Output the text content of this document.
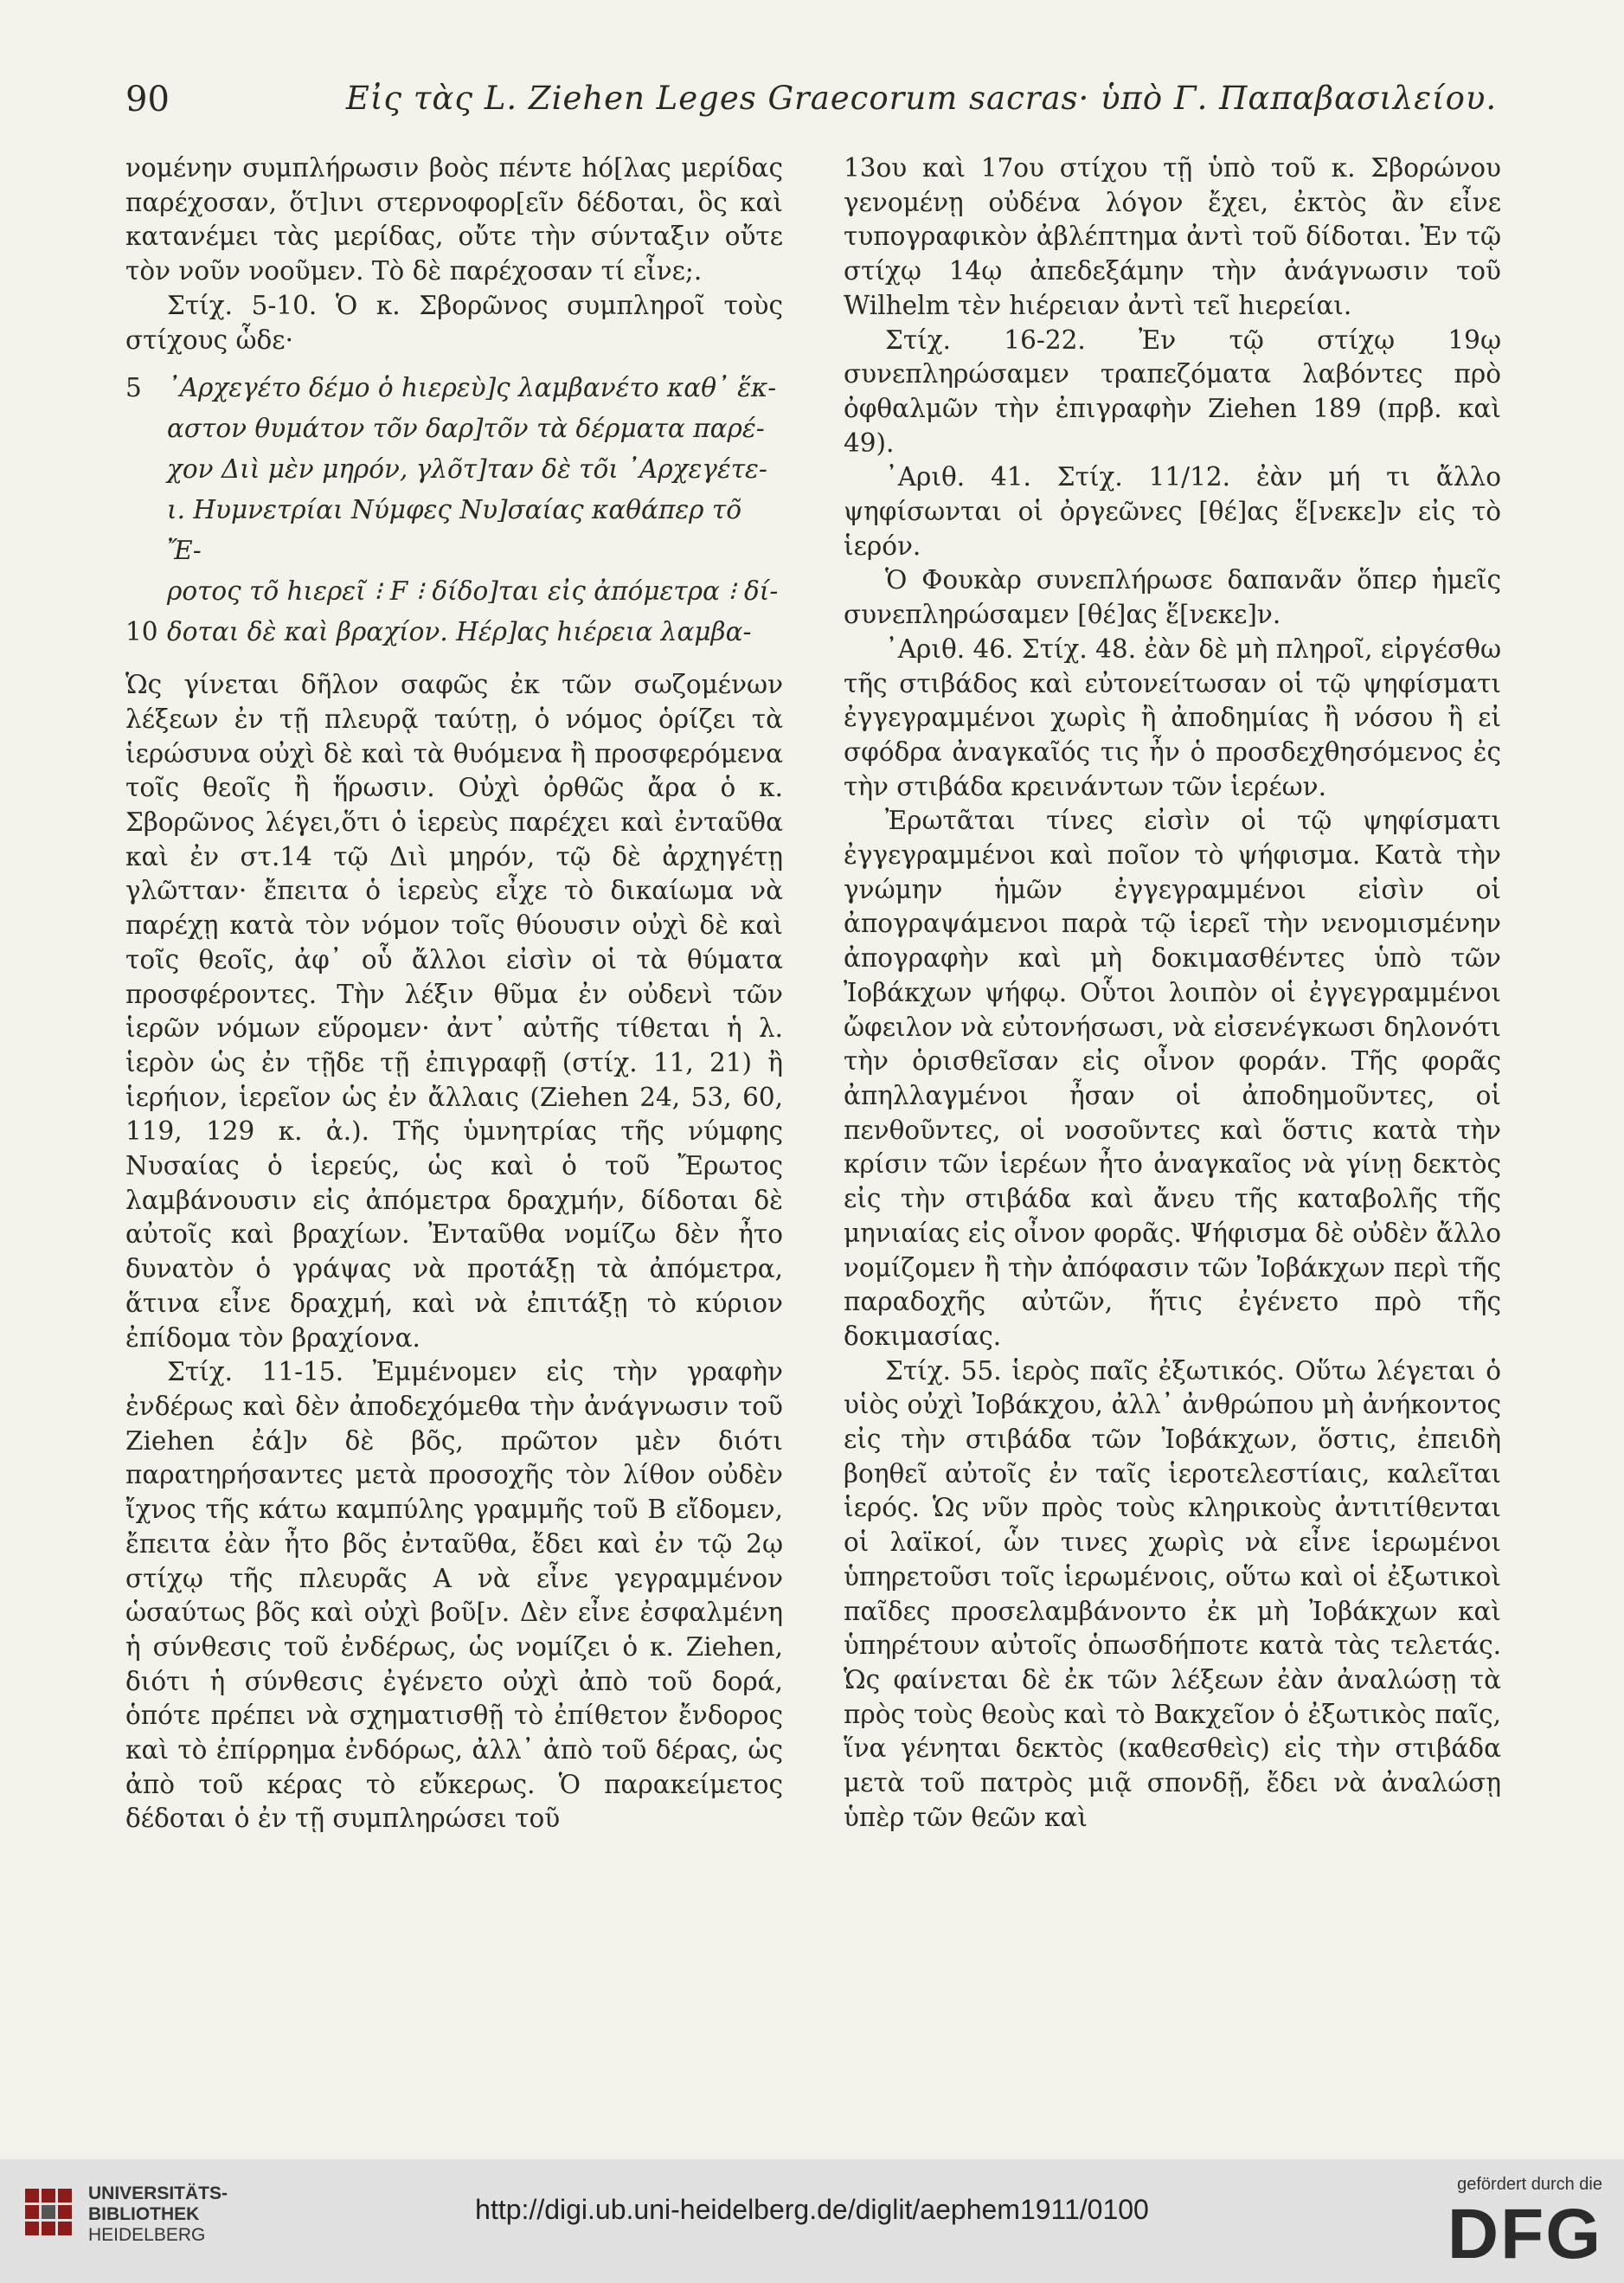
90	Εἰς τὰς L. Ziehen Leges Graecorum sacras· ὑπὸ Γ. Παπαβασιλείου.

νομένην συμπλήρωσιν βοὸς πέντε hό[λας μερίδας παρέχοσαν, ὅτ]ινι στερνοφορ[εῖν δέδοται, ὃς καὶ κατανέμει τὰς μερίδας, οὔτε τὴν σύνταξιν οὔτε τὸν νοῦν νοοῦμεν. Τὸ δὲ παρέχοσαν τί εἶνε;.

Στίχ. 5-10. Ὁ κ. Σβορῶνος συμπληροῖ τοὺς στίχους ὧδε·

5 ᾿Αρχεγέτο δέμο ὁ hιερεὺ]ς λαμβανέτο καθ᾿ ἕκ-
αστον θυμάτον τõν δαρ]τõν τὰ δέρματα παρέ-
χον Διὶ μὲν μηρόν, γλõτ]ταν δὲ τõι ᾿Αρχεγέτε-
ι. Ηυμνετρίαι Νύμφες Νυ]σαίας καθάπερ τõ Ἔ-
ροτος τõ hιερεῖ ⁝ F ⁝ δίδο]ται εἰς ἀπόμετρα ⁝ δί-
10 δοται δὲ καὶ βραχίον. Ηέρ]ας hιέρεια λαμβα-

Ὡς γίνεται δῆλον σαφῶς ἐκ τῶν σωζομένων λέξεων ἐν τῇ πλευρᾷ ταύτῃ, ὁ νόμος ὁρίζει τὰ ἱερώσυνα οὐχὶ δὲ καὶ τὰ θυόμενα ἢ προσφερόμενα τοῖς θεοῖς ἢ ἥρωσιν. Οὐχὶ ὀρθῶς ἄρα ὁ κ. Σβορῶνος λέγει,ὅτι ὁ ἱερεὺς παρέχει καὶ ἐνταῦθα καὶ ἐν στ.14 τῷ Διὶ μηρόν, τῷ δὲ ἀρχηγέτῃ γλῶτταν· ἔπειτα ὁ ἱερεὺς εἶχε τὸ δικαίωμα νὰ παρέχῃ κατὰ τὸν νόμον τοῖς θύουσιν οὐχὶ δὲ καὶ τοῖς θεοῖς, ἀφ᾿ οὗ ἄλλοι εἰσὶν οἱ τὰ θύματα προσφέροντες. Τὴν λέξιν θῦμα ἐν οὐδενὶ τῶν ἱερῶν νόμων εὕρομεν· ἀντ᾿ αὐτῆς τίθεται ἡ λ. ἱερὸν ὡς ἐν τῇδε τῇ ἐπιγραφῇ (στίχ. 11, 21) ἢ ἱερήιον, ἱερεῖον ὡς ἐν ἄλλαις (Ziehen 24, 53, 60, 119, 129 κ. ἀ.). Τῆς ὑμνητρίας τῆς νύμφης Νυσαίας ὁ ἱερεύς, ὡς καὶ ὁ τοῦ Ἔρωτος λαμβάνουσιν εἰς ἀπόμετρα δραχμήν, δίδοται δὲ αὐτοῖς καὶ βραχίων. Ἐνταῦθα νομίζω δὲν ἦτο δυνατὸν ὁ γράψας νὰ προτάξῃ τὰ ἀπόμετρα, ἅτινα εἶνε δραχμή, καὶ νὰ ἐπιτάξῃ τὸ κύριον ἐπίδομα τὸν βραχίονα.

Στίχ. 11-15. Ἐμμένομεν εἰς τὴν γραφὴν ἐνδέρως καὶ δὲν ἀποδεχόμεθα τὴν ἀνάγνωσιν τοῦ Ziehen ἐά]ν δὲ βõς, πρῶτον μὲν διότι παρατηρήσαντες μετὰ προσοχῆς τὸν λίθον οὐδὲν ἴχνος τῆς κάτω καμπύλης γραμμῆς τοῦ Β εἴδομεν, ἔπειτα ἐὰν ἦτο βõς ἐνταῦθα, ἔδει καὶ ἐν τῷ 2ῳ στίχῳ τῆς πλευρᾶς Α νὰ εἶνε γεγραμμένον ὡσαύτως βõς καὶ οὐχὶ βοῦ[ν. Δὲν εἶνε ἐσφαλμένη ἡ σύνθεσις τοῦ ἐνδέρως, ὡς νομίζει ὁ κ. Ziehen, διότι ἡ σύνθεσις ἐγένετο οὐχὶ ἀπὸ τοῦ δορά, ὁπότε πρέπει νὰ σχηματισθῇ τὸ ἐπίθετον ἔνδορος καὶ τὸ ἐπίρρημα ἐνδόρως, ἀλλ᾿ ἀπὸ τοῦ δέρας, ὡς ἀπὸ τοῦ κέρας τὸ εὔκερως. Ὁ παρακείμετος δέδοται ὁ ἐν τῇ συμπληρώσει τοῦ

13ου καὶ 17ου στίχου τῇ ὑπὸ τοῦ κ. Σβορώνου γενομένῃ οὐδένα λόγον ἔχει, ἐκτὸς ἂν εἶνε τυπογραφικὸν ἀβλέπτημα ἀντὶ τοῦ δίδοται. Ἐν τῷ στίχῳ 14ῳ ἀπεδεξάμην τὴν ἀνάγνωσιν τοῦ Wilhelm τὲν hιέρειαν ἀντὶ τεῖ hιερείαι.

Στίχ. 16-22. Ἐν τῷ στίχῳ 19ῳ συνεπληρώσαμεν τραπεζόματα λαβόντες πρὸ ὀφθαλμῶν τὴν ἐπιγραφὴν Ziehen 189 (πρβ. καὶ 49).

᾿Αριθ. 41. Στίχ. 11/12. ἐὰν μή τι ἄλλο ψηφίσωνται οἱ ὀργεῶνες [θέ]ας ἕ[νεκε]ν εἰς τὸ ἱερόν.

Ὁ Φουκὰρ συνεπλήρωσε δαπανᾶν ὅπερ ἡμεῖς συνεπληρώσαμεν [θέ]ας ἕ[νεκε]ν.

᾿Αριθ. 46. Στίχ. 48. ἐὰν δὲ μὴ πληροῖ, εἰργέσθω τῆς στιβάδος καὶ εὐτονείτωσαν οἱ τῷ ψηφίσματι ἐγγεγραμμένοι χωρὶς ἢ ἀποδημίας ἢ νόσου ἢ εἰ σφόδρα ἀναγκαῖός τις ἦν ὁ προσδεχθησόμενος ἐς τὴν στιβάδα κρεινάντων τῶν ἱερέων.

Ἐρωτᾶται τίνες εἰσὶν οἱ τῷ ψηφίσματι ἐγγεγραμμένοι καὶ ποῖον τὸ ψήφισμα. Κατὰ τὴν γνώμην ἡμῶν ἐγγεγραμμένοι εἰσὶν οἱ ἀπογραψάμενοι παρὰ τῷ ἱερεῖ τὴν νενομισμένην ἀπογραφὴν καὶ μὴ δοκιμασθέντες ὑπὸ τῶν Ἰοβάκχων ψήφῳ. Οὗτοι λοιπὸν οἱ ἐγγεγραμμένοι ὤφειλον νὰ εὐτονήσωσι, νὰ εἰσενέγκωσι δηλονότι τὴν ὁρισθεῖσαν εἰς οἶνον φοράν. Τῆς φορᾶς ἀπηλλαγμένοι ἦσαν οἱ ἀποδημοῦντες, οἱ πενθοῦντες, οἱ νοσοῦντες καὶ ὅστις κατὰ τὴν κρίσιν τῶν ἱερέων ἦτο ἀναγκαῖος νὰ γίνῃ δεκτὸς εἰς τὴν στιβάδα καὶ ἄνευ τῆς καταβολῆς τῆς μηνιαίας εἰς οἶνον φορᾶς. Ψήφισμα δὲ οὐδὲν ἄλλο νομίζομεν ἢ τὴν ἀπόφασιν τῶν Ἰοβάκχων περὶ τῆς παραδοχῆς αὐτῶν, ἥτις ἐγένετο πρὸ τῆς δοκιμασίας.

Στίχ. 55. ἱερὸς παῖς ἐξωτικός. Οὕτω λέγεται ὁ υἱὸς οὐχὶ Ἰοβάκχου, ἀλλ᾿ ἀνθρώπου μὴ ἀνήκοντος εἰς τὴν στιβάδα τῶν Ἰοβάκχων, ὅστις, ἐπειδὴ βοηθεῖ αὐτοῖς ἐν ταῖς ἱεροτελεστίαις, καλεῖται ἱερός. Ὡς νῦν πρὸς τοὺς κληρικοὺς ἀντιτίθενται οἱ λαϊκοί, ὧν τινες χωρὶς νὰ εἶνε ἱερωμένοι ὑπηρετοῦσι τοῖς ἱερωμένοις, οὕτω καὶ οἱ ἐξωτικοὶ παῖδες προσελαμβάνοντο ἐκ μὴ Ἰοβάκχων καὶ ὑπηρέτουν αὐτοῖς ὁπωσδήποτε κατὰ τὰς τελετάς. Ὡς φαίνεται δὲ ἐκ τῶν λέξεων ἐὰν ἀναλώσῃ τὰ πρὸς τοὺς θεοὺς καὶ τὸ Βακχεῖον ὁ ἐξωτικὸς παῖς, ἵνα γένηται δεκτὸς (καθεσθεὶς) εἰς τὴν στιβάδα μετὰ τοῦ πατρὸς μιᾷ σπονδῇ, ἔδει νὰ ἀναλώσῃ ὑπὲρ τῶν θεῶν καὶ

UNIVERSITÄTS-
BIBLIOTHEK
HEIDELBERG
http://digi.ub.uni-heidelberg.de/diglit/aephem1911/0100
gefördert durch die
DFG
